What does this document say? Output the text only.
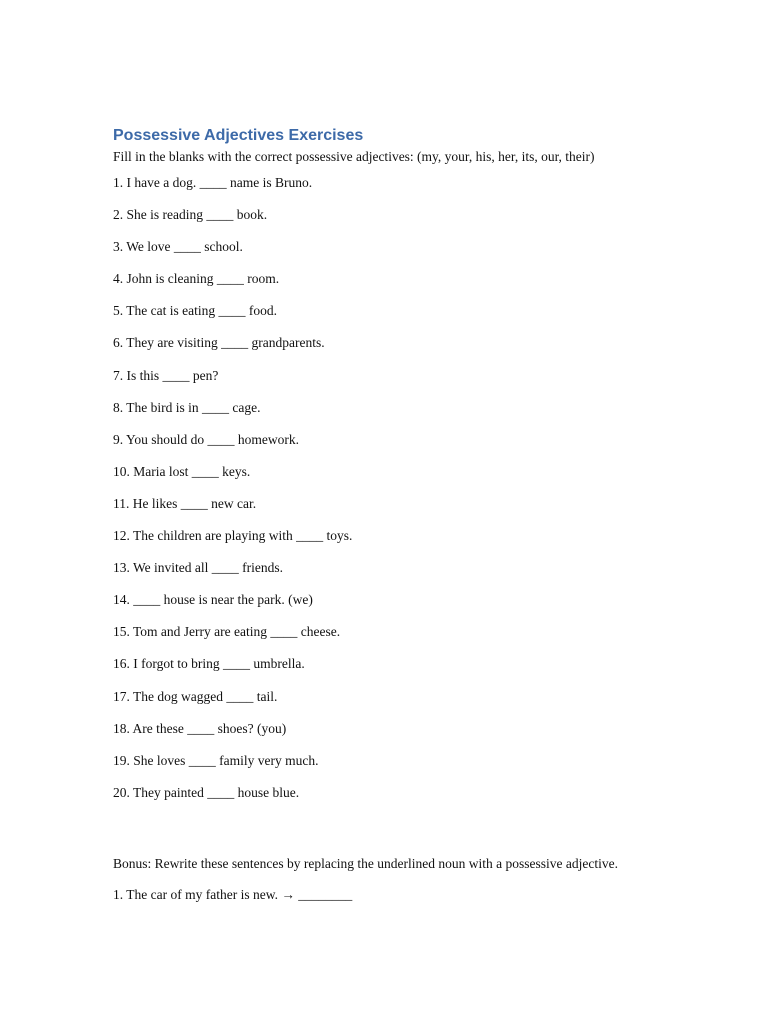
Possessive Adjectives Exercises

Fill in the blanks with the correct possessive adjectives: (my, your, his, her, its, our, their)

1. I have a dog. ____ name is Bruno.
2. She is reading ____ book.
3. We love ____ school.
4. John is cleaning ____ room.
5. The cat is eating ____ food.
6. They are visiting ____ grandparents.
7. Is this ____ pen?
8. The bird is in ____ cage.
9. You should do ____ homework.
10. Maria lost ____ keys.
11. He likes ____ new car.
12. The children are playing with ____ toys.
13. We invited all ____ friends.
14. ____ house is near the park. (we)
15. Tom and Jerry are eating ____ cheese.
16. I forgot to bring ____ umbrella.
17. The dog wagged ____ tail.
18. Are these ____ shoes? (you)
19. She loves ____ family very much.
20. They painted ____ house blue.

Bonus: Rewrite these sentences by replacing the underlined noun with a possessive adjective.

1. The car of my father is new. → ________
